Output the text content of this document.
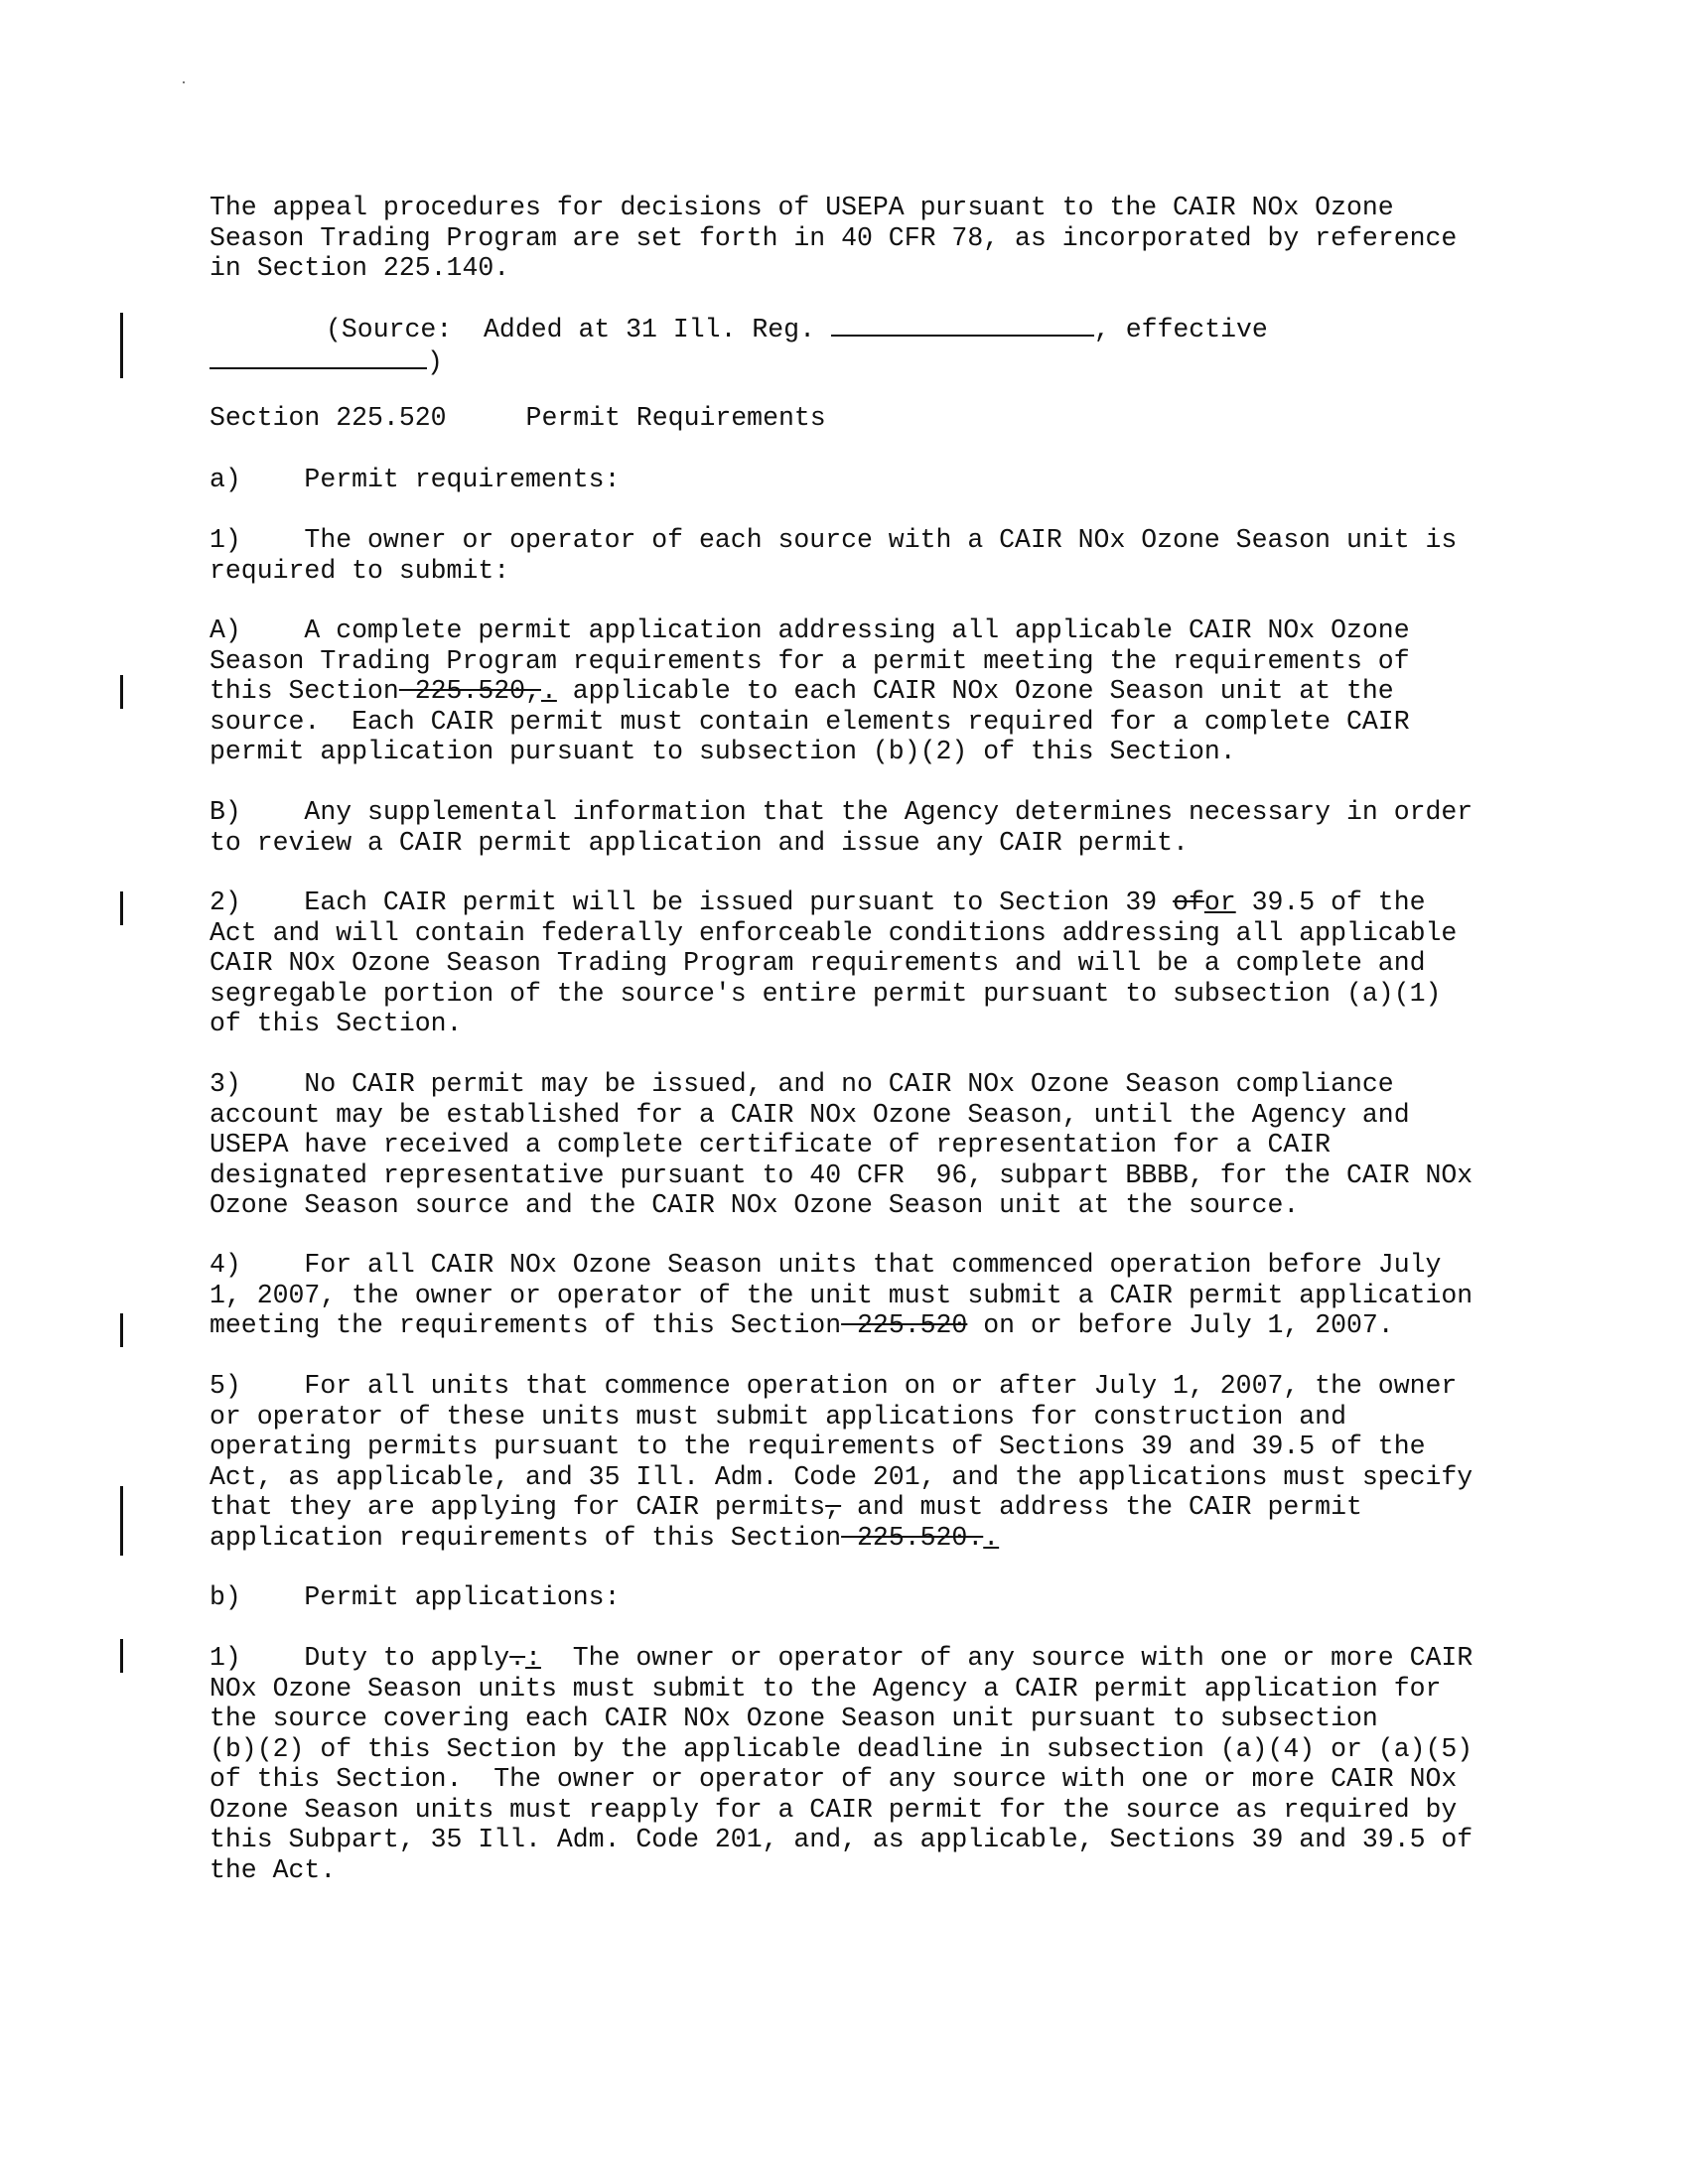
The appeal procedures for decisions of USEPA pursuant to the CAIR NOx Ozone
Season Trading Program are set forth in 40 CFR 78, as incorporated by reference
in Section 225.140.
(Source:  Added at 31 Ill. Reg.	, effective
)
Section 225.520	Permit Requirements
a)    Permit requirements:
1)    The owner or operator of each source with a CAIR NOx Ozone Season unit is
required to submit:
A)    A complete permit application addressing all applicable CAIR NOx Ozone
Season Trading Program requirements for a permit meeting the requirements of
this Section 225.520,. applicable to each CAIR NOx Ozone Season unit at the
source.  Each CAIR permit must contain elements required for a complete CAIR
permit application pursuant to subsection (b)(2) of this Section.
B)    Any supplemental information that the Agency determines necessary in order
to review a CAIR permit application and issue any CAIR permit.
2)    Each CAIR permit will be issued pursuant to Section 39 ofor 39.5 of the
Act and will contain federally enforceable conditions addressing all applicable
CAIR NOx Ozone Season Trading Program requirements and will be a complete and
segregable portion of the source's entire permit pursuant to subsection (a)(1)
of this Section.
3)    No CAIR permit may be issued, and no CAIR NOx Ozone Season compliance
account may be established for a CAIR NOx Ozone Season, until the Agency and
USEPA have received a complete certificate of representation for a CAIR
designated representative pursuant to 40 CFR  96, subpart BBBB, for the CAIR NOx
Ozone Season source and the CAIR NOx Ozone Season unit at the source.
4)    For all CAIR NOx Ozone Season units that commenced operation before July
1, 2007, the owner or operator of the unit must submit a CAIR permit application
meeting the requirements of this Section 225.520 on or before July 1, 2007.
5)    For all units that commence operation on or after July 1, 2007, the owner
or operator of these units must submit applications for construction and
operating permits pursuant to the requirements of Sections 39 and 39.5 of the
Act, as applicable, and 35 Ill. Adm. Code 201, and the applications must specify
that they are applying for CAIR permits, and must address the CAIR permit
application requirements of this Section 225.520..
b)    Permit applications:
1)    Duty to apply.:  The owner or operator of any source with one or more CAIR
NOx Ozone Season units must submit to the Agency a CAIR permit application for
the source covering each CAIR NOx Ozone Season unit pursuant to subsection
(b)(2) of this Section by the applicable deadline in subsection (a)(4) or (a)(5)
of this Section.  The owner or operator of any source with one or more CAIR NOx
Ozone Season units must reapply for a CAIR permit for the source as required by
this Subpart, 35 Ill. Adm. Code 201, and, as applicable, Sections 39 and 39.5 of
the Act.
